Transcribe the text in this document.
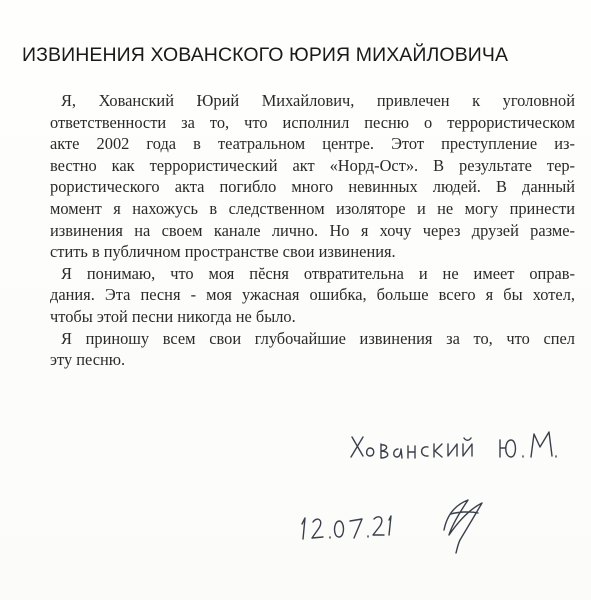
ИЗВИНЕНИЯ ХОВАНСКОГО ЮРИЯ МИХАЙЛОВИЧА
Я, Хованский Юрий Михайлович, привлечен к уголовной
ответственности за то, что исполнил песню о террористическом
акте 2002 года в театральном центре. Этот преступление из-
вестно как террористический акт «Норд-Ост». В результате тер-
рористического акта погибло много невинных людей. В данный
момент я нахожусь в следственном изоляторе и не могу принести
извинения на своем канале лично. Но я хочу через друзей разме-
стить в публичном пространстве свои извинения.
Я понимаю, что моя пĕсня отвратительна и не имеет оправ-
дания. Эта песня - моя ужасная ошибка, больше всего я бы хотел,
чтобы этой песни никогда не было.
Я приношу всем свои глубочайшие извинения за то, что спел
эту песню.
